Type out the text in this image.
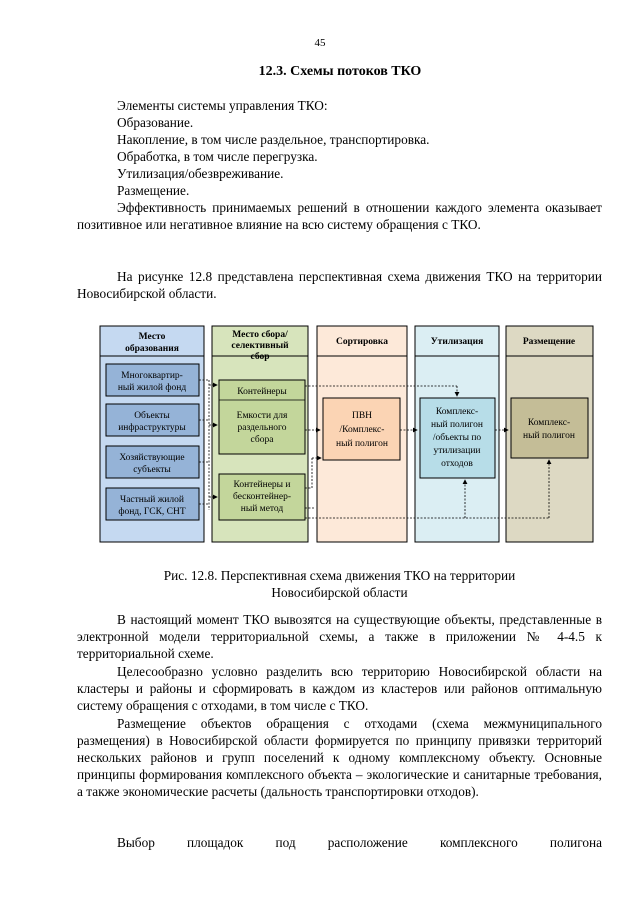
45
12.3. Схемы потоков ТКО
Элементы системы управления ТКО:
Образование.
Накопление, в том числе раздельное, транспортировка.
Обработка, в том числе перегрузка.
Утилизация/обезвреживание.
Размещение.
Эффективность принимаемых решений в отношении каждого элемента оказывает позитивное или негативное влияние на всю систему обращения с ТКО.
На рисунке 12.8 представлена перспективная схема движения ТКО на территории Новосибирской области.
Место
образования
Место сбора/
селективный
сбор
Сортировка	Утилизация	Размещение
Многоквартир-
ный жилой фонд
Объекты
инфраструктуры
Хозяйствующие
субъекты
Частный жилой
фонд, ГСК, СНТ
Контейнеры
Емкости для
раздельного
сбора
Контейнеры и
бесконтейнер-
ный метод
ПВН
/Комплекс-
ный полигон
Комплекс-
ный полигон
/объекты по
утилизации
отходов
Комплекс-
ный полигон
Рис. 12.8. Перспективная схема движения ТКО на территории
Новосибирской области
В настоящий момент ТКО вывозятся на существующие объекты, представленные в электронной модели территориальной схемы, а также в приложении № 4-4.5 к территориальной схеме.
Целесообразно условно разделить всю территорию Новосибирской области на кластеры и районы и сформировать в каждом из кластеров или районов оптимальную систему обращения с отходами, в том числе с ТКО.
Размещение объектов обращения с отходами (схема межмуниципального размещения) в Новосибирской области формируется по принципу привязки территорий нескольких районов и групп поселений к одному комплексному объекту. Основные принципы формирования комплексного объекта – экологические и санитарные требования, а также экономические расчеты (дальность транспортировки отходов).
Выбор площадок под расположение комплексного полигона
